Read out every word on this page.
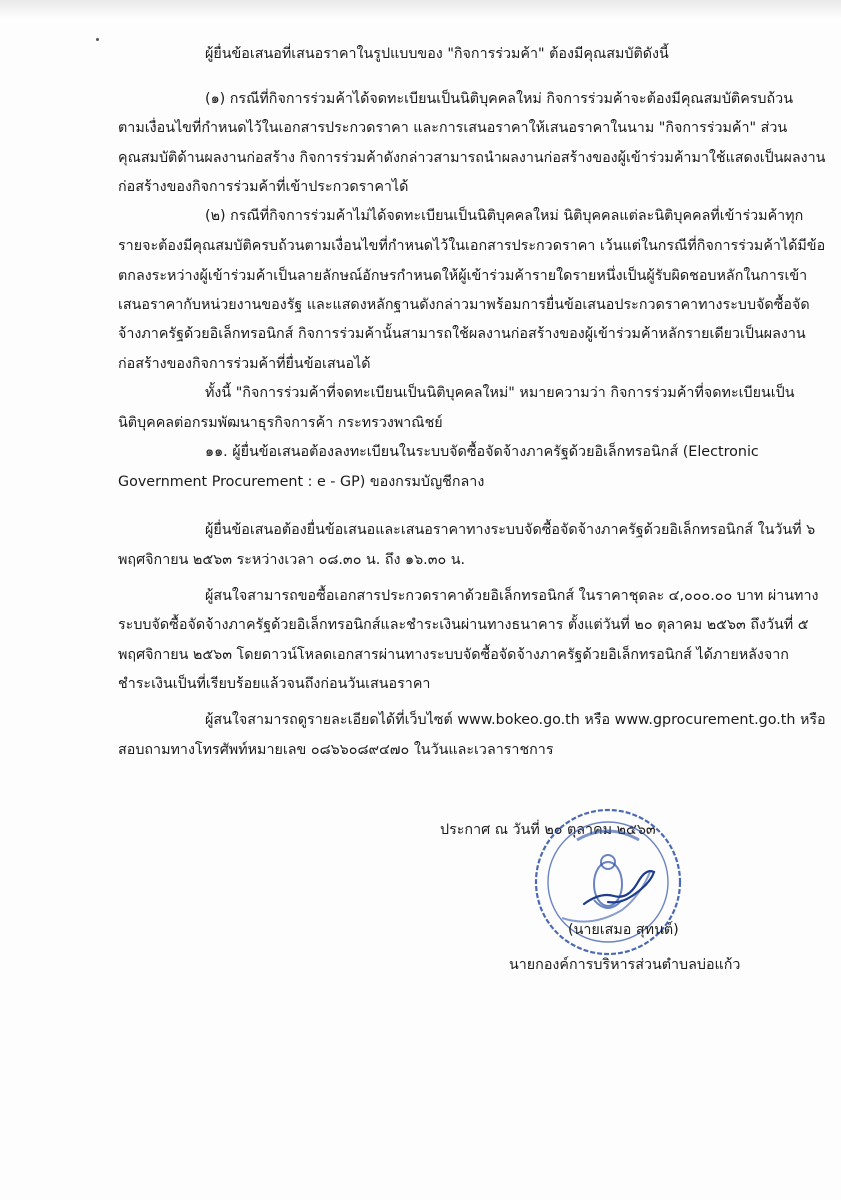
ผู้ยื่นข้อเสนอที่เสนอราคาในรูปแบบของ "กิจการร่วมค้า" ต้องมีคุณสมบัติดังนี้

(๑) กรณีที่กิจการร่วมค้าได้จดทะเบียนเป็นนิติบุคคลใหม่ กิจการร่วมค้าจะต้องมีคุณสมบัติครบถ้วน

ตามเงื่อนไขที่กำหนดไว้ในเอกสารประกวดราคา และการเสนอราคาให้เสนอราคาในนาม "กิจการร่วมค้า" ส่วน

คุณสมบัติด้านผลงานก่อสร้าง กิจการร่วมค้าดังกล่าวสามารถนำผลงานก่อสร้างของผู้เข้าร่วมค้ามาใช้แสดงเป็นผลงาน

ก่อสร้างของกิจการร่วมค้าที่เข้าประกวดราคาได้

(๒) กรณีที่กิจการร่วมค้าไม่ได้จดทะเบียนเป็นนิติบุคคลใหม่ นิติบุคคลแต่ละนิติบุคคลที่เข้าร่วมค้าทุก

รายจะต้องมีคุณสมบัติครบถ้วนตามเงื่อนไขที่กำหนดไว้ในเอกสารประกวดราคา เว้นแต่ในกรณีที่กิจการร่วมค้าได้มีข้อ

ตกลงระหว่างผู้เข้าร่วมค้าเป็นลายลักษณ์อักษรกำหนดให้ผู้เข้าร่วมค้ารายใดรายหนึ่งเป็นผู้รับผิดชอบหลักในการเข้า

เสนอราคากับหน่วยงานของรัฐ และแสดงหลักฐานดังกล่าวมาพร้อมการยื่นข้อเสนอประกวดราคาทางระบบจัดซื้อจัด

จ้างภาครัฐด้วยอิเล็กทรอนิกส์ กิจการร่วมค้านั้นสามารถใช้ผลงานก่อสร้างของผู้เข้าร่วมค้าหลักรายเดียวเป็นผลงาน

ก่อสร้างของกิจการร่วมค้าที่ยื่นข้อเสนอได้

ทั้งนี้ "กิจการร่วมค้าที่จดทะเบียนเป็นนิติบุคคลใหม่" หมายความว่า กิจการร่วมค้าที่จดทะเบียนเป็น

นิติบุคคลต่อกรมพัฒนาธุรกิจการค้า กระทรวงพาณิชย์

๑๑. ผู้ยื่นข้อเสนอต้องลงทะเบียนในระบบจัดซื้อจัดจ้างภาครัฐด้วยอิเล็กทรอนิกส์ (Electronic

Government Procurement : e - GP) ของกรมบัญชีกลาง

ผู้ยื่นข้อเสนอต้องยื่นข้อเสนอและเสนอราคาทางระบบจัดซื้อจัดจ้างภาครัฐด้วยอิเล็กทรอนิกส์ ในวันที่ ๖

พฤศจิกายน ๒๕๖๓ ระหว่างเวลา ๐๘.๓๐ น. ถึง ๑๖.๓๐ น.

ผู้สนใจสามารถขอซื้อเอกสารประกวดราคาด้วยอิเล็กทรอนิกส์ ในราคาชุดละ ๔,๐๐๐.๐๐ บาท ผ่านทาง

ระบบจัดซื้อจัดจ้างภาครัฐด้วยอิเล็กทรอนิกส์และชำระเงินผ่านทางธนาคาร ตั้งแต่วันที่ ๒๐ ตุลาคม ๒๕๖๓ ถึงวันที่ ๕

พฤศจิกายน ๒๕๖๓ โดยดาวน์โหลดเอกสารผ่านทางระบบจัดซื้อจัดจ้างภาครัฐด้วยอิเล็กทรอนิกส์ ได้ภายหลังจาก

ชำระเงินเป็นที่เรียบร้อยแล้วจนถึงก่อนวันเสนอราคา

ผู้สนใจสามารถดูรายละเอียดได้ที่เว็บไซต์ www.bokeo.go.th หรือ www.gprocurement.go.th หรือ

สอบถามทางโทรศัพท์หมายเลข ๐๘๖๖๐๘๙๔๗๐ ในวันและเวลาราชการ

ประกาศ ณ วันที่ ๒๐ ตุลาคม ๒๕๖๓

(นายเสมอ สุทนต์)

นายกองค์การบริหารส่วนตำบลบ่อแก้ว
